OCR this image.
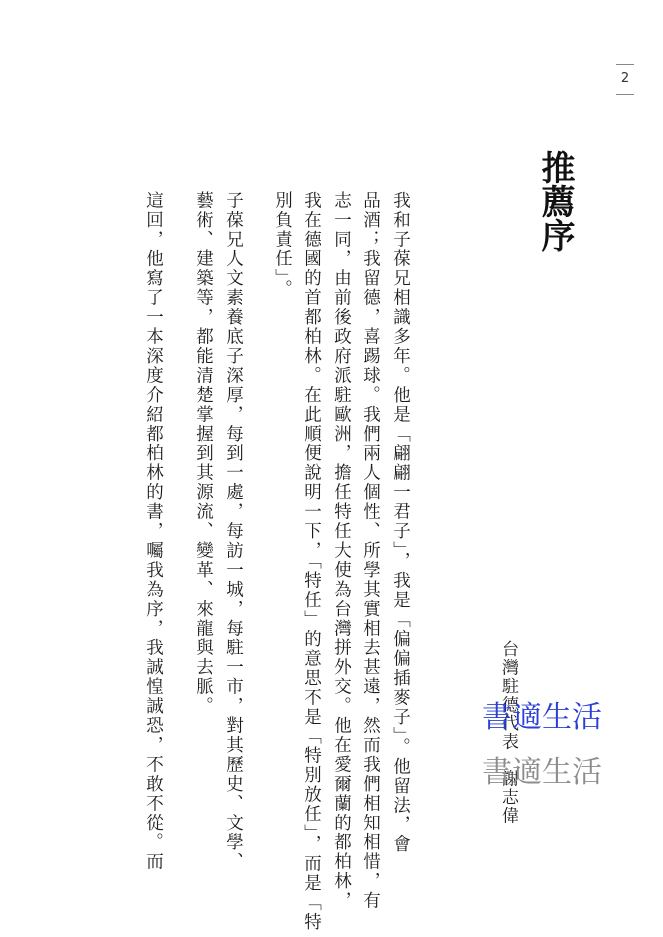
2
推薦序
台灣駐德代表　謝志偉
我和子葆兄相識多年。他是「翩翩一君子」，我是「偏偏插麥子」。他留法，會
品酒；我留德，喜踢球。我們兩人個性、所學其實相去甚遠，然而我們相知相惜，有
志一同，由前後政府派駐歐洲，擔任特任大使為台灣拼外交。他在愛爾蘭的都柏林，
我在德國的首都柏林。在此順便說明一下，「特任」的意思不是「特別放任」，而是「特
別負責任」。
子葆兄人文素養底子深厚，每到一處，每訪一城，每駐一市，對其歷史、文學、
藝術、建築等，都能清楚掌握到其源流、變革、來龍與去脈。
這回，他寫了一本深度介紹都柏林的書，囑我為序，我誠惶誠恐，不敢不從。而	書適生活
書適生活
